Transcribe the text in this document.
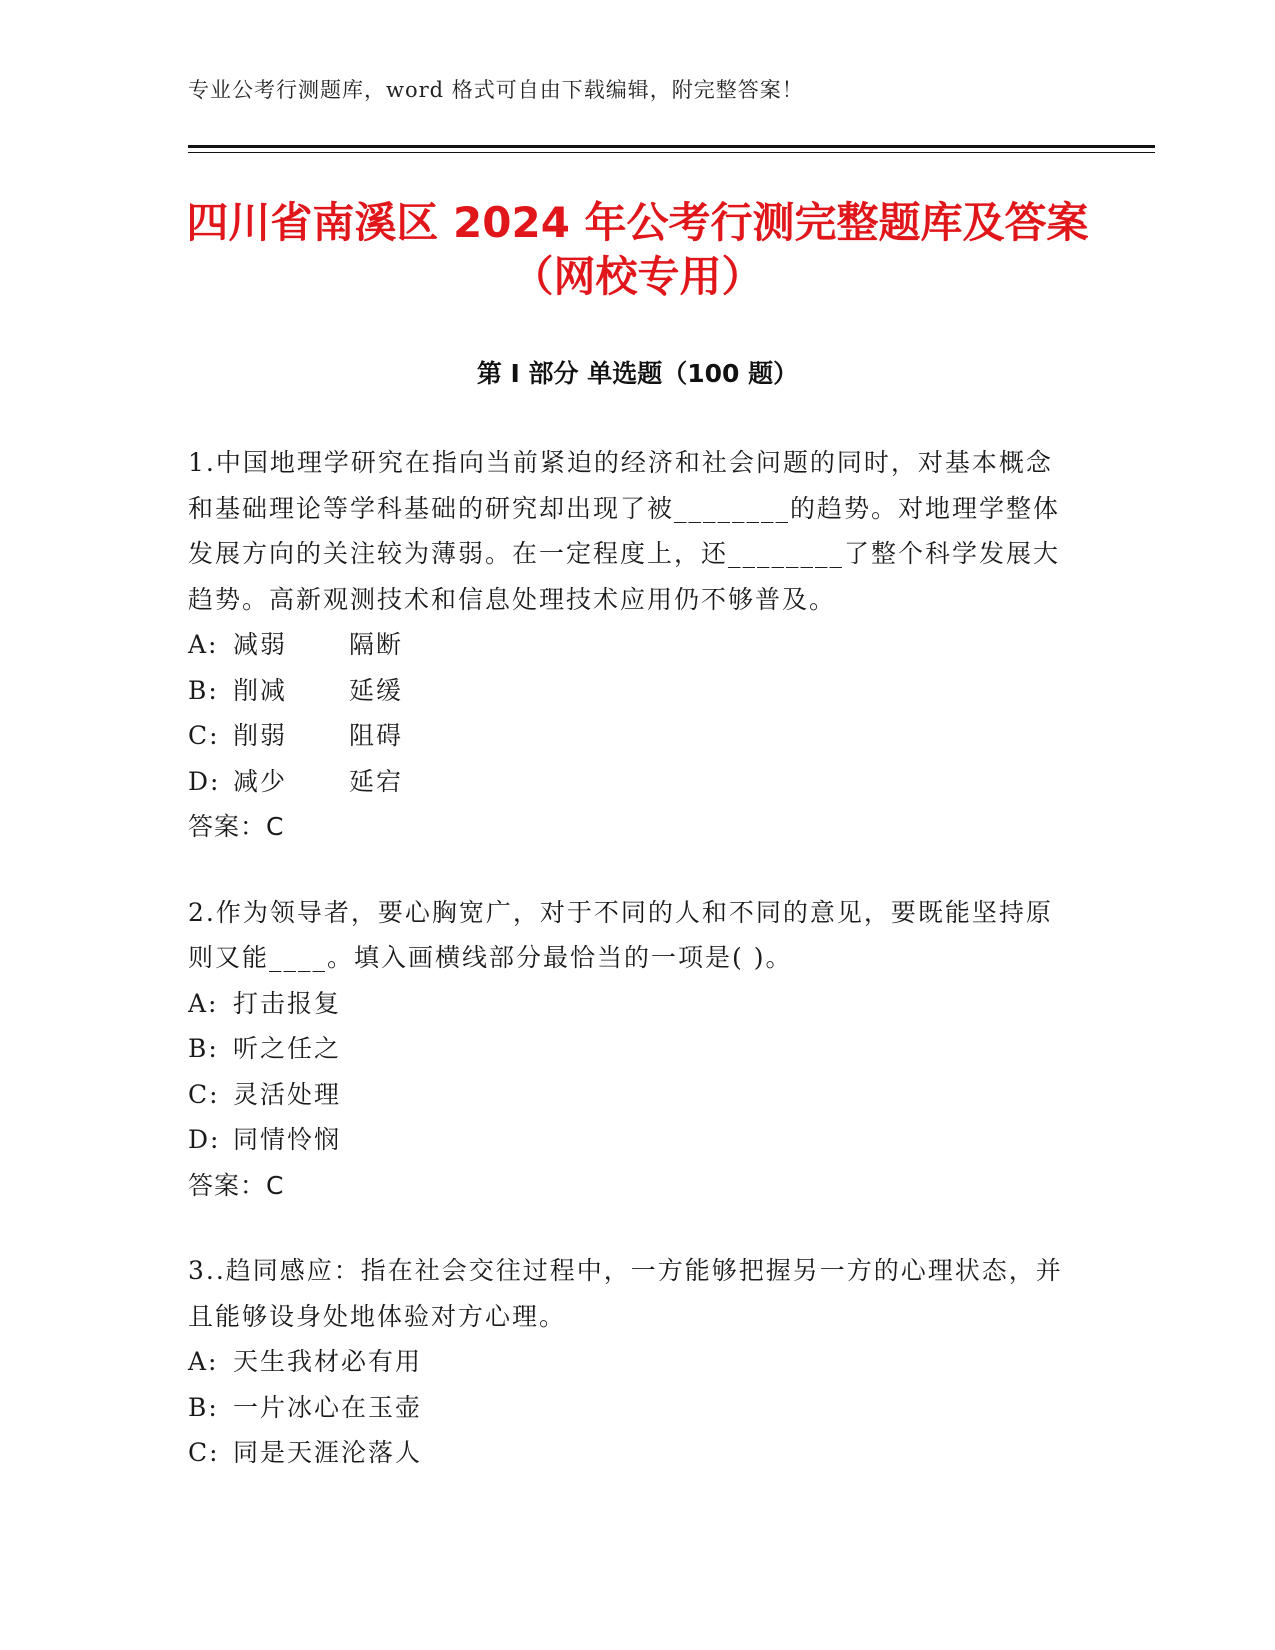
专业公考行测题库，word 格式可自由下载编辑，附完整答案！
四川省南溪区 2024 年公考行测完整题库及答案（网校专用）
第 I 部分 单选题（100 题）

1.中国地理学研究在指向当前紧迫的经济和社会问题的同时，对基本概念和基础理论等学科基础的研究却出现了被________的趋势。对地理学整体发展方向的关注较为薄弱。在一定程度上，还________了整个科学发展大趋势。高新观测技术和信息处理技术应用仍不够普及。

A: 减弱	隔断
B: 削减	延缓
C: 削弱	阻碍
D: 减少	延宕
答案：C

2.作为领导者，要心胸宽广，对于不同的人和不同的意见，要既能坚持原则又能____。填入画横线部分最恰当的一项是( )。

A: 打击报复
B: 听之任之
C: 灵活处理
D: 同情怜悯
答案：C

3..趋同感应：指在社会交往过程中，一方能够把握另一方的心理状态，并且能够设身处地体验对方心理。

A: 天生我材必有用
B: 一片冰心在玉壶
C: 同是天涯沦落人
